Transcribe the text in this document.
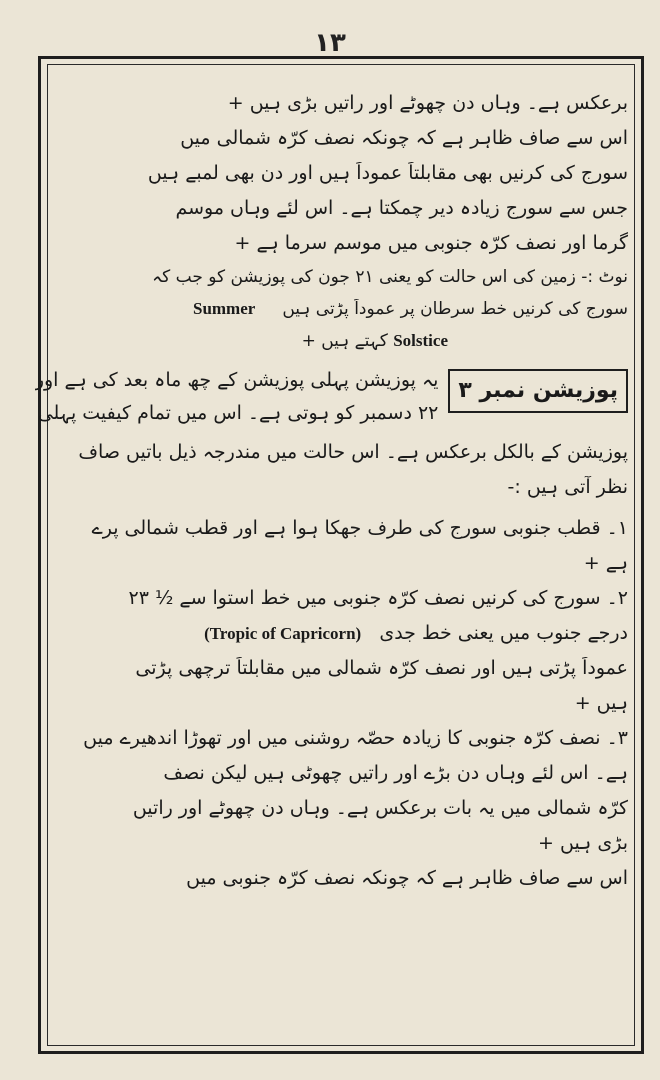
۱۳
برعکس ہے۔ وہاں دن چھوٹے اور راتیں بڑی ہیں +
اس سے صاف ظاہر ہے کہ چونکہ نصف کرّہ شمالی میں
سورج کی کرنیں بھی مقابلتاً عموداً ہیں اور دن بھی لمبے ہیں
جس سے سورج زیادہ دیر چمکتا ہے۔ اس لئے وہاں موسم
گرما اور نصف کرّہ جنوبی میں موسم سرما ہے +
نوٹ :- زمین کی اس حالت کو یعنی ۲۱ جون کی پوزیشن کو جب کہ
سورج کی کرنیں خط سرطان پر عموداً پڑتی ہیں     Summer
Solstice کہتے ہیں +
پوزیشن نمبر ۳
یہ پوزیشن پہلی پوزیشن کے چھ ماہ بعد کی ہے اور
۲۲ دسمبر کو ہوتی ہے۔ اس میں تمام کیفیت پہلی
پوزیشن کے بالکل برعکس ہے۔ اس حالت میں مندرجہ ذیل باتیں صاف
نظر آتی ہیں :-
۱۔ قطب جنوبی سورج کی طرف جھکا ہوا ہے اور قطب شمالی پرے
ہے +
۲۔ سورج کی کرنیں نصف کرّہ جنوبی میں خط استوا سے ½ ۲۳
درجے جنوب میں یعنی خط جدی   (Tropic of Capricorn)
عموداً پڑتی ہیں اور نصف کرّہ شمالی میں مقابلتاً ترچھی پڑتی
ہیں +
۳۔ نصف کرّہ جنوبی کا زیادہ حصّہ روشنی میں اور تھوڑا اندھیرے میں
ہے۔ اس لئے وہاں دن بڑے اور راتیں چھوٹی ہیں لیکن نصف
کرّہ شمالی میں یہ بات برعکس ہے۔ وہاں دن چھوٹے اور راتیں
بڑی ہیں +
اس سے صاف ظاہر ہے کہ چونکہ نصف کرّہ جنوبی میں
